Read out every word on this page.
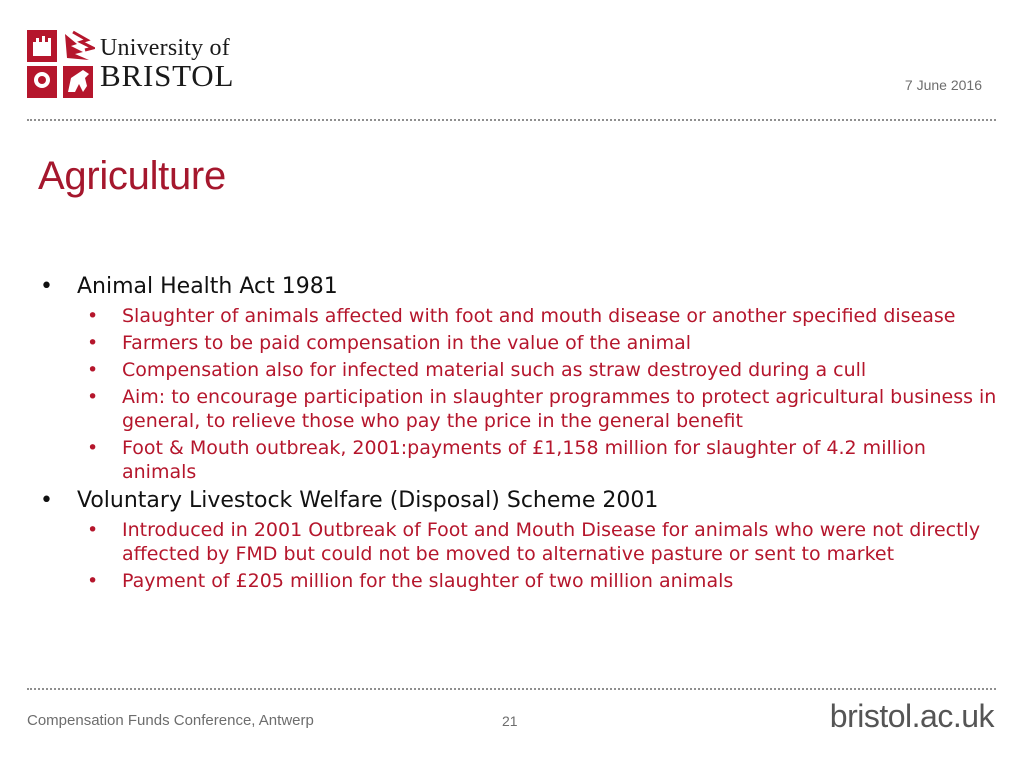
University of
BRISTOL	7 June 2016
Agriculture
• Animal Health Act 1981
• Slaughter of animals affected with foot and mouth disease or another specified disease
• Farmers to be paid compensation in the value of the animal
• Compensation also for infected material such as straw destroyed during a cull
• Aim: to encourage participation in slaughter programmes to protect agricultural business in general, to relieve those who pay the price in the general benefit
• Foot & Mouth outbreak, 2001:payments of £1,158 million for slaughter of 4.2 million animals
• Voluntary Livestock Welfare (Disposal) Scheme 2001
• Introduced in 2001 Outbreak of Foot and Mouth Disease for animals who were not directly affected by FMD but could not be moved to alternative pasture or sent to market
• Payment of £205 million for the slaughter of two million animals
Compensation Funds Conference, Antwerp	21	bristol.ac.uk
